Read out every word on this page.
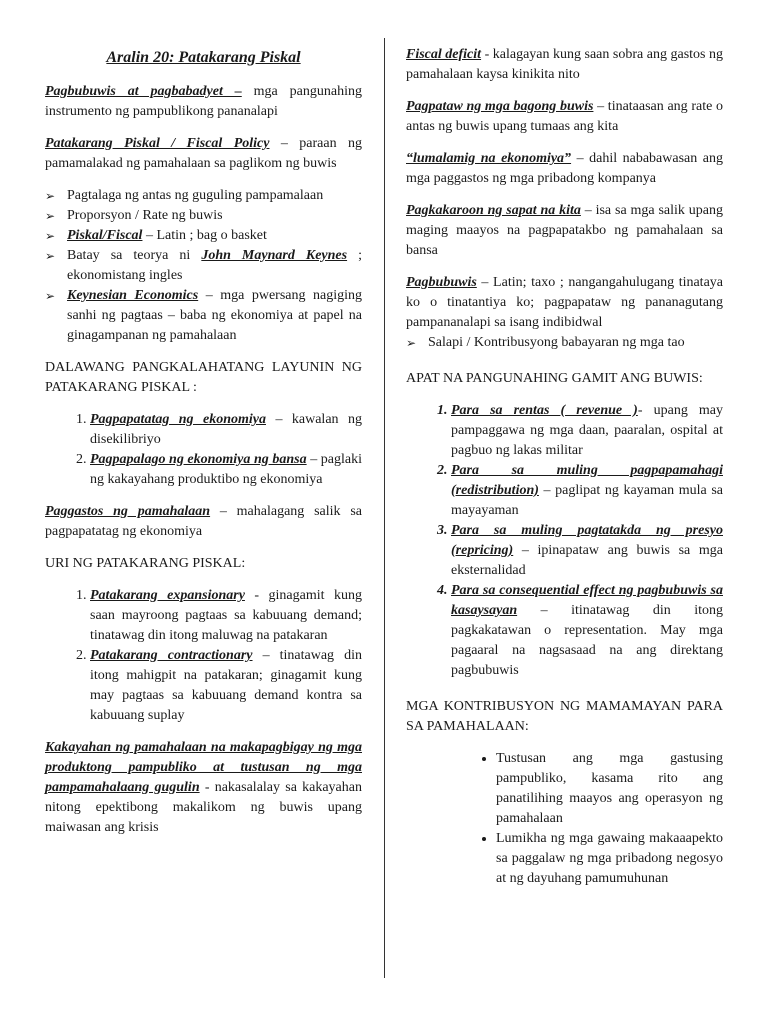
Aralin 20: Patakarang Piskal

Pagbubuwis at pagbabadyet – mga pangunahing instrumento ng pampublikong pananalapi

Patakarang Piskal / Fiscal Policy – paraan ng pamamalakad ng pamahalaan sa paglikom ng buwis

➢ Pagtalaga ng antas ng guguling pampamalaan
➢ Proporsyon / Rate ng buwis
➢ Piskal/Fiscal – Latin ; bag o basket
➢ Batay sa teorya ni John Maynard Keynes ; ekonomistang ingles
➢ Keynesian Economics – mga pwersang nagiging sanhi ng pagtaas – baba ng ekonomiya at papel na ginagampanan ng pamahalaan

DALAWANG PANGKALAHATANG LAYUNIN NG PATAKARANG PISKAL :

1. Pagpapatatag ng ekonomiya – kawalan ng disekilibriyo
2. Pagpapalago ng ekonomiya ng bansa – paglaki ng kakayahang produktibo ng ekonomiya

Paggastos ng pamahalaan – mahalagang salik sa pagpapatatag ng ekonomiya

URI NG PATAKARANG PISKAL:

1. Patakarang expansionary - ginagamit kung saan mayroong pagtaas sa kabuuang demand; tinatawag din itong maluwag na patakaran
2. Patakarang contractionary – tinatawag din itong mahigpit na patakaran; ginagamit kung may pagtaas sa kabuuang demand kontra sa kabuuang suplay

Kakayahan ng pamahalaan na makapagbigay ng mga produktong pampubliko at tustusan ng mga pampamahalaang gugulin - nakasalalay sa kakayahan nitong epektibong makalikom ng buwis upang maiwasan ang krisis

Fiscal deficit - kalagayan kung saan sobra ang gastos ng pamahalaan kaysa kinikita nito

Pagpataw ng mga bagong buwis – tinataasan ang rate o antas ng buwis upang tumaas ang kita

“lumalamig na ekonomiya” – dahil nababawasan ang mga paggastos ng mga pribadong kompanya

Pagkakaroon ng sapat na kita – isa sa mga salik upang maging maayos na pagpapatakbo ng pamahalaan sa bansa

Pagbubuwis – Latin; taxo ; nangangahulugang tinataya ko o tinatantiya ko; pagpapataw ng pananagutang pampananalapi sa isang indibidwal

➢ Salapi / Kontribusyong babayaran ng mga tao

APAT NA PANGUNAHING GAMIT ANG BUWIS:

1. Para sa rentas ( revenue )- upang may pampaggawa ng mga daan, paaralan, ospital at pagbuo ng lakas militar
2. Para sa muling pagpapamahagi (redistribution) – paglipat ng kayaman mula sa mayayaman
3. Para sa muling pagtatakda ng presyo (repricing) – ipinapataw ang buwis sa mga eksternalidad
4. Para sa consequential effect ng pagbubuwis sa kasaysayan – itinatawag din itong pagkakatawan o representation. May mga pagaaral na nagsasaad na ang direktang pagbubuwis

MGA KONTRIBUSYON NG MAMAMAYAN PARA SA PAMAHALAAN:

• Tustusan ang mga gastusing pampubliko, kasama rito ang panatilihing maayos ang operasyon ng pamahalaan
• Lumikha ng mga gawaing makaaapekto sa paggalaw ng mga pribadong negosyo at ng dayuhang pamumuhunan
